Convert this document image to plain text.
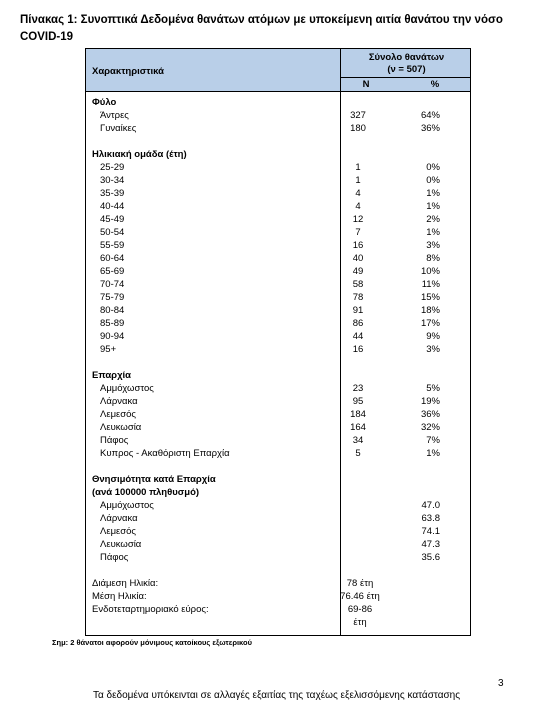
Πίνακας 1: Συνοπτικά Δεδομένα θανάτων ατόμων με υποκείμενη αιτία θανάτου την νόσο COVID-19
Χαρακτηριστικά
Σύνολο θανάτων
(ν = 507)
Ν	%
Φύλο
Άντρες	327	64%
Γυναίκες	180	36%
Ηλικιακή ομάδα (έτη)
25-29	1	0%
30-34	1	0%
35-39	4	1%
40-44	4	1%
45-49	12	2%
50-54	7	1%
55-59	16	3%
60-64	40	8%
65-69	49	10%
70-74	58	11%
75-79	78	15%
80-84	91	18%
85-89	86	17%
90-94	44	9%
95+	16	3%
Επαρχία
Αμμόχωστος	23	5%
Λάρνακα	95	19%
Λεμεσός	184	36%
Λευκωσία	164	32%
Πάφος	34	7%
Κυπρος - Ακαθόριστη Επαρχία	5	1%
Θνησιμότητα κατά Επαρχία
(ανά 100000 πληθυσμό)
Αμμόχωστος	47.0
Λάρνακα	63.8
Λεμεσός	74.1
Λευκωσία	47.3
Πάφος	35.6
Διάμεση Ηλικία:	78 έτη
Μέση Ηλικία:	76.46 έτη
Ενδοτεταρτημοριακό εύρος:	69-86 έτη
Σημ: 2 θάνατοι αφορούν μόνιμους κατοίκους εξωτερικού
3
Τα δεδομένα υπόκεινται σε αλλαγές εξαιτίας της ταχέως εξελισσόμενης κατάστασης
